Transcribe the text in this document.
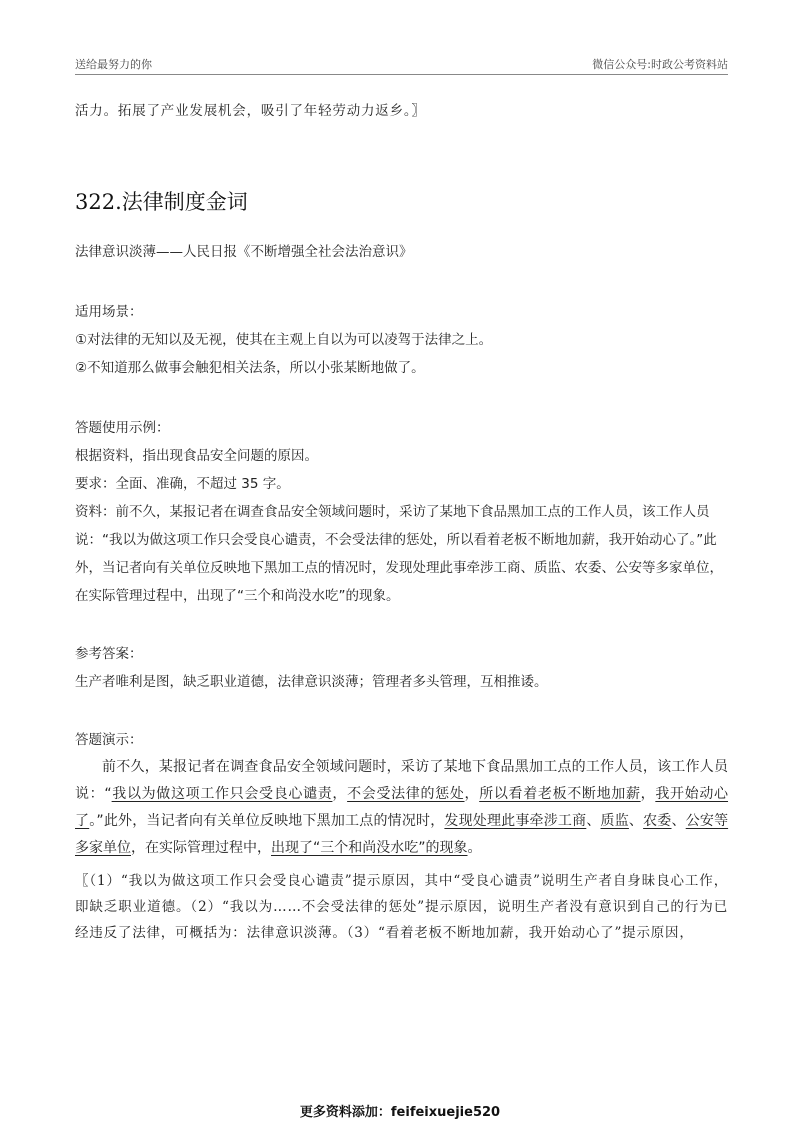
送给最努力的你	微信公众号:时政公考资料站

活力。拓展了产业发展机会，吸引了年轻劳动力返乡。〗

322.法律制度金词

法律意识淡薄——人民日报《不断增强全社会法治意识》

适用场景：

①对法律的无知以及无视，使其在主观上自以为可以凌驾于法律之上。

②不知道那么做事会触犯相关法条，所以小张某断地做了。

答题使用示例：

根据资料，指出现食品安全问题的原因。

要求：全面、准确，不超过 35 字。

资料：前不久，某报记者在调查食品安全领域问题时，采访了某地下食品黑加工点的工作人员，该工作人员说：“我以为做这项工作只会受良心谴责，不会受法律的惩处，所以看着老板不断地加薪，我开始动心了。”此外，当记者向有关单位反映地下黑加工点的情况时，发现处理此事牵涉工商、质监、农委、公安等多家单位，在实际管理过程中，出现了“三个和尚没水吃”的现象。

参考答案：

生产者唯利是图，缺乏职业道德，法律意识淡薄；管理者多头管理，互相推诿。

答题演示：

前不久，某报记者在调查食品安全领域问题时，采访了某地下食品黑加工点的工作人员，该工作人员说：“我以为做这项工作只会受良心谴责，不会受法律的惩处，所以看着老板不断地加薪，我开始动心了。”此外，当记者向有关单位反映地下黑加工点的情况时，发现处理此事牵涉工商、质监、农委、公安等多家单位，在实际管理过程中，出现了“三个和尚没水吃”的现象。

〖（1）“我以为做这项工作只会受良心谴责”提示原因，其中“受良心谴责”说明生产者自身昧良心工作，即缺乏职业道德。（2）“我以为……不会受法律的惩处”提示原因，说明生产者没有意识到自己的行为已经违反了法律，可概括为：法律意识淡薄。（3）“看着老板不断地加薪，我开始动心了”提示原因，

更多资料添加：feifeixuejie520
